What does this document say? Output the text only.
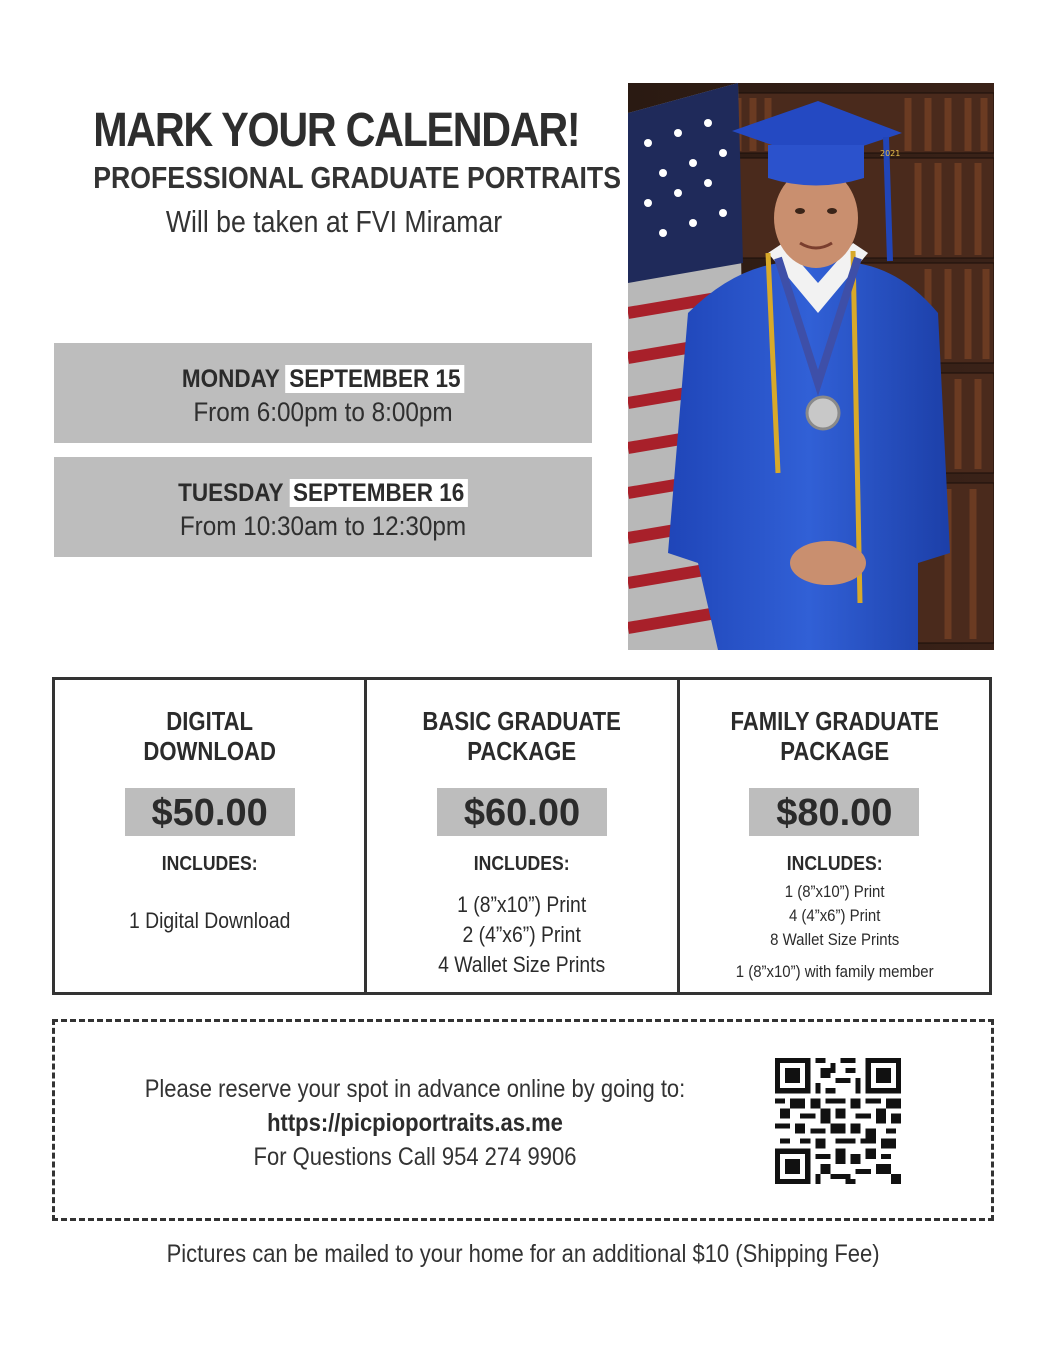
MARK YOUR CALENDAR!
PROFESSIONAL GRADUATE PORTRAITS
Will be taken at FVI Miramar
MONDAY SEPTEMBER 15
From 6:00pm to 8:00pm
TUESDAY SEPTEMBER 16
From 10:30am to 12:30pm
2021
DIGITAL
DOWNLOAD
$50.00
INCLUDES:
1 Digital Download
BASIC GRADUATE
PACKAGE
$60.00
INCLUDES:
1 (8”x10”) Print
2 (4”x6”) Print
4 Wallet Size Prints
FAMILY GRADUATE
PACKAGE
$80.00
INCLUDES:
1 (8”x10”) Print
4 (4”x6”) Print
8 Wallet Size Prints
1 (8”x10”) with family member
Please reserve your spot in advance online by going to:
https://picpioportraits.as.me
For Questions Call 954 274 9906
Pictures can be mailed to your home for an additional $10 (Shipping Fee)
